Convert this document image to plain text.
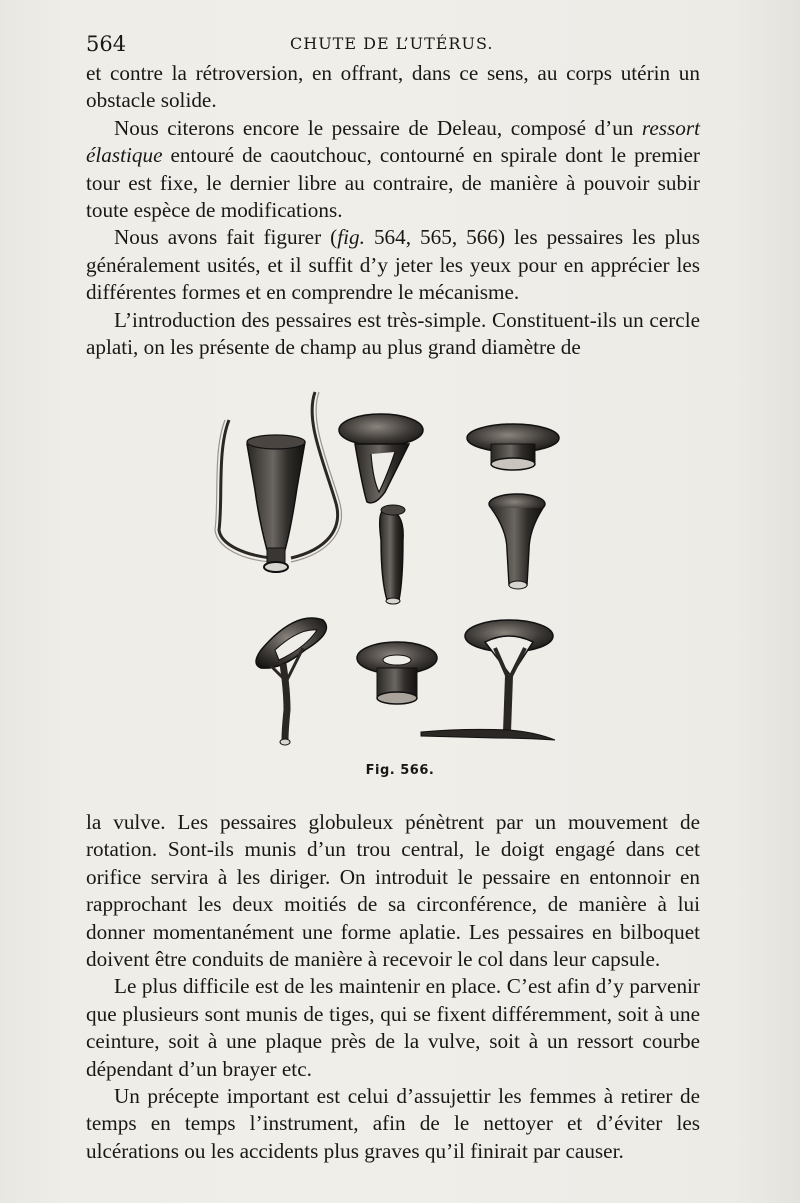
564	CHUTE DE L’UTÉRUS.

et contre la rétroversion, en offrant, dans ce sens, au corps utérin un obstacle solide.

Nous citerons encore le pessaire de Deleau, composé d’un ressort élastique entouré de caoutchouc, contourné en spirale dont le premier tour est fixe, le dernier libre au contraire, de manière à pouvoir subir toute espèce de modifications.

Nous avons fait figurer (fig. 564, 565, 566) les pessaires les plus généralement usités, et il suffit d’y jeter les yeux pour en apprécier les différentes formes et en comprendre le mécanisme.

L’introduction des pessaires est très-simple. Constituent-ils un cercle aplati, on les présente de champ au plus grand diamètre de

Fig. 566.

la vulve. Les pessaires globuleux pénètrent par un mouvement de rotation. Sont-ils munis d’un trou central, le doigt engagé dans cet orifice servira à les diriger. On introduit le pessaire en entonnoir en rapprochant les deux moitiés de sa circonférence, de manière à lui donner momentanément une forme aplatie. Les pessaires en bilboquet doivent être conduits de manière à recevoir le col dans leur capsule.

Le plus difficile est de les maintenir en place. C’est afin d’y parvenir que plusieurs sont munis de tiges, qui se fixent différemment, soit à une ceinture, soit à une plaque près de la vulve, soit à un ressort courbe dépendant d’un brayer etc.

Un précepte important est celui d’assujettir les femmes à retirer de temps en temps l’instrument, afin de le nettoyer et d’éviter les ulcérations ou les accidents plus graves qu’il finirait par causer.
